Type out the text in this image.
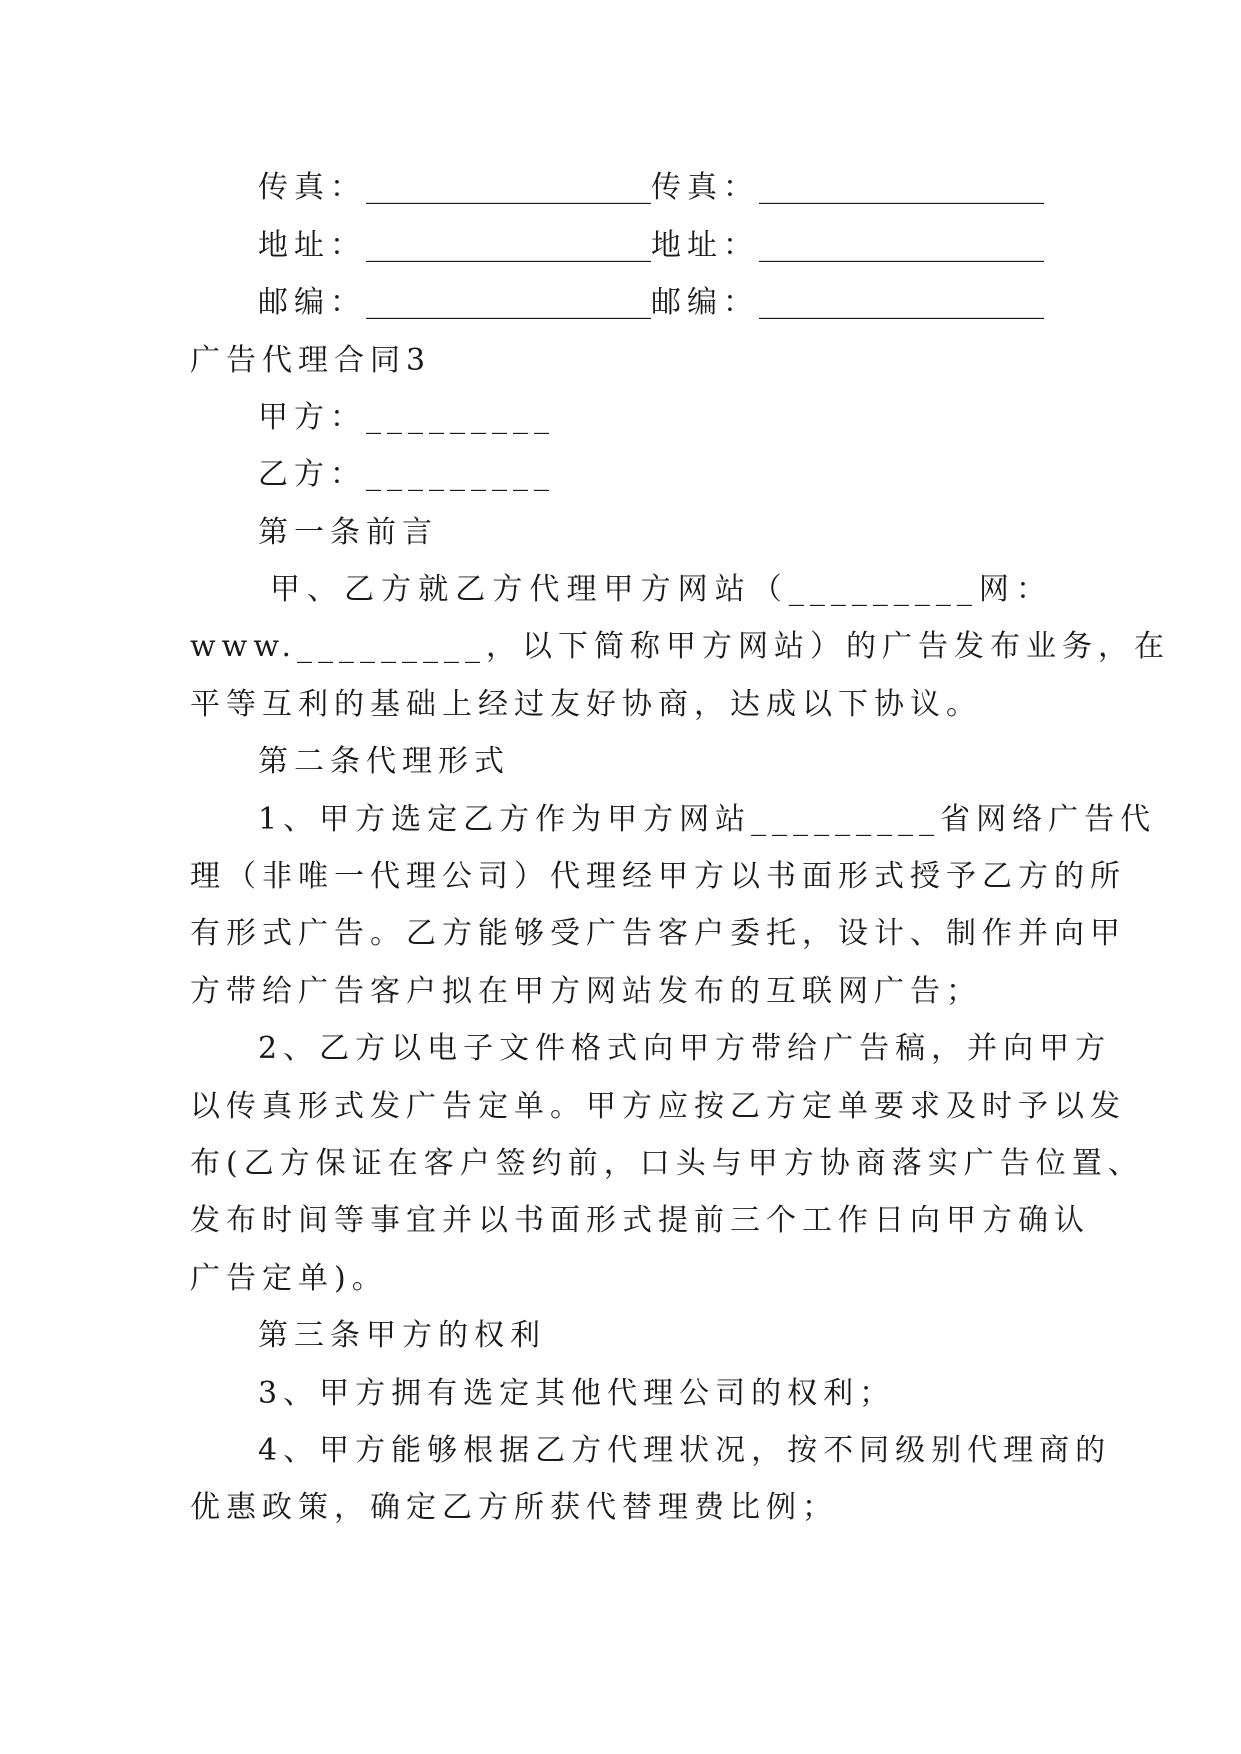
传真：___________________传真：___________________
地址：___________________地址：___________________
邮编：___________________邮编：___________________
广告代理合同3
甲方：_________
乙方：_________
第一条前言
甲、乙方就乙方代理甲方网站（_________网：
www._________，以下简称甲方网站）的广告发布业务，在
平等互利的基础上经过友好协商，达成以下协议。
第二条代理形式
1、甲方选定乙方作为甲方网站_________省网络广告代
理（非唯一代理公司）代理经甲方以书面形式授予乙方的所
有形式广告。乙方能够受广告客户委托，设计、制作并向甲
方带给广告客户拟在甲方网站发布的互联网广告；
2、乙方以电子文件格式向甲方带给广告稿，并向甲方
以传真形式发广告定单。甲方应按乙方定单要求及时予以发
布(乙方保证在客户签约前，口头与甲方协商落实广告位置、
发布时间等事宜并以书面形式提前三个工作日向甲方确认
广告定单)。
第三条甲方的权利
3、甲方拥有选定其他代理公司的权利；
4、甲方能够根据乙方代理状况，按不同级别代理商的
优惠政策，确定乙方所获代替理费比例；
